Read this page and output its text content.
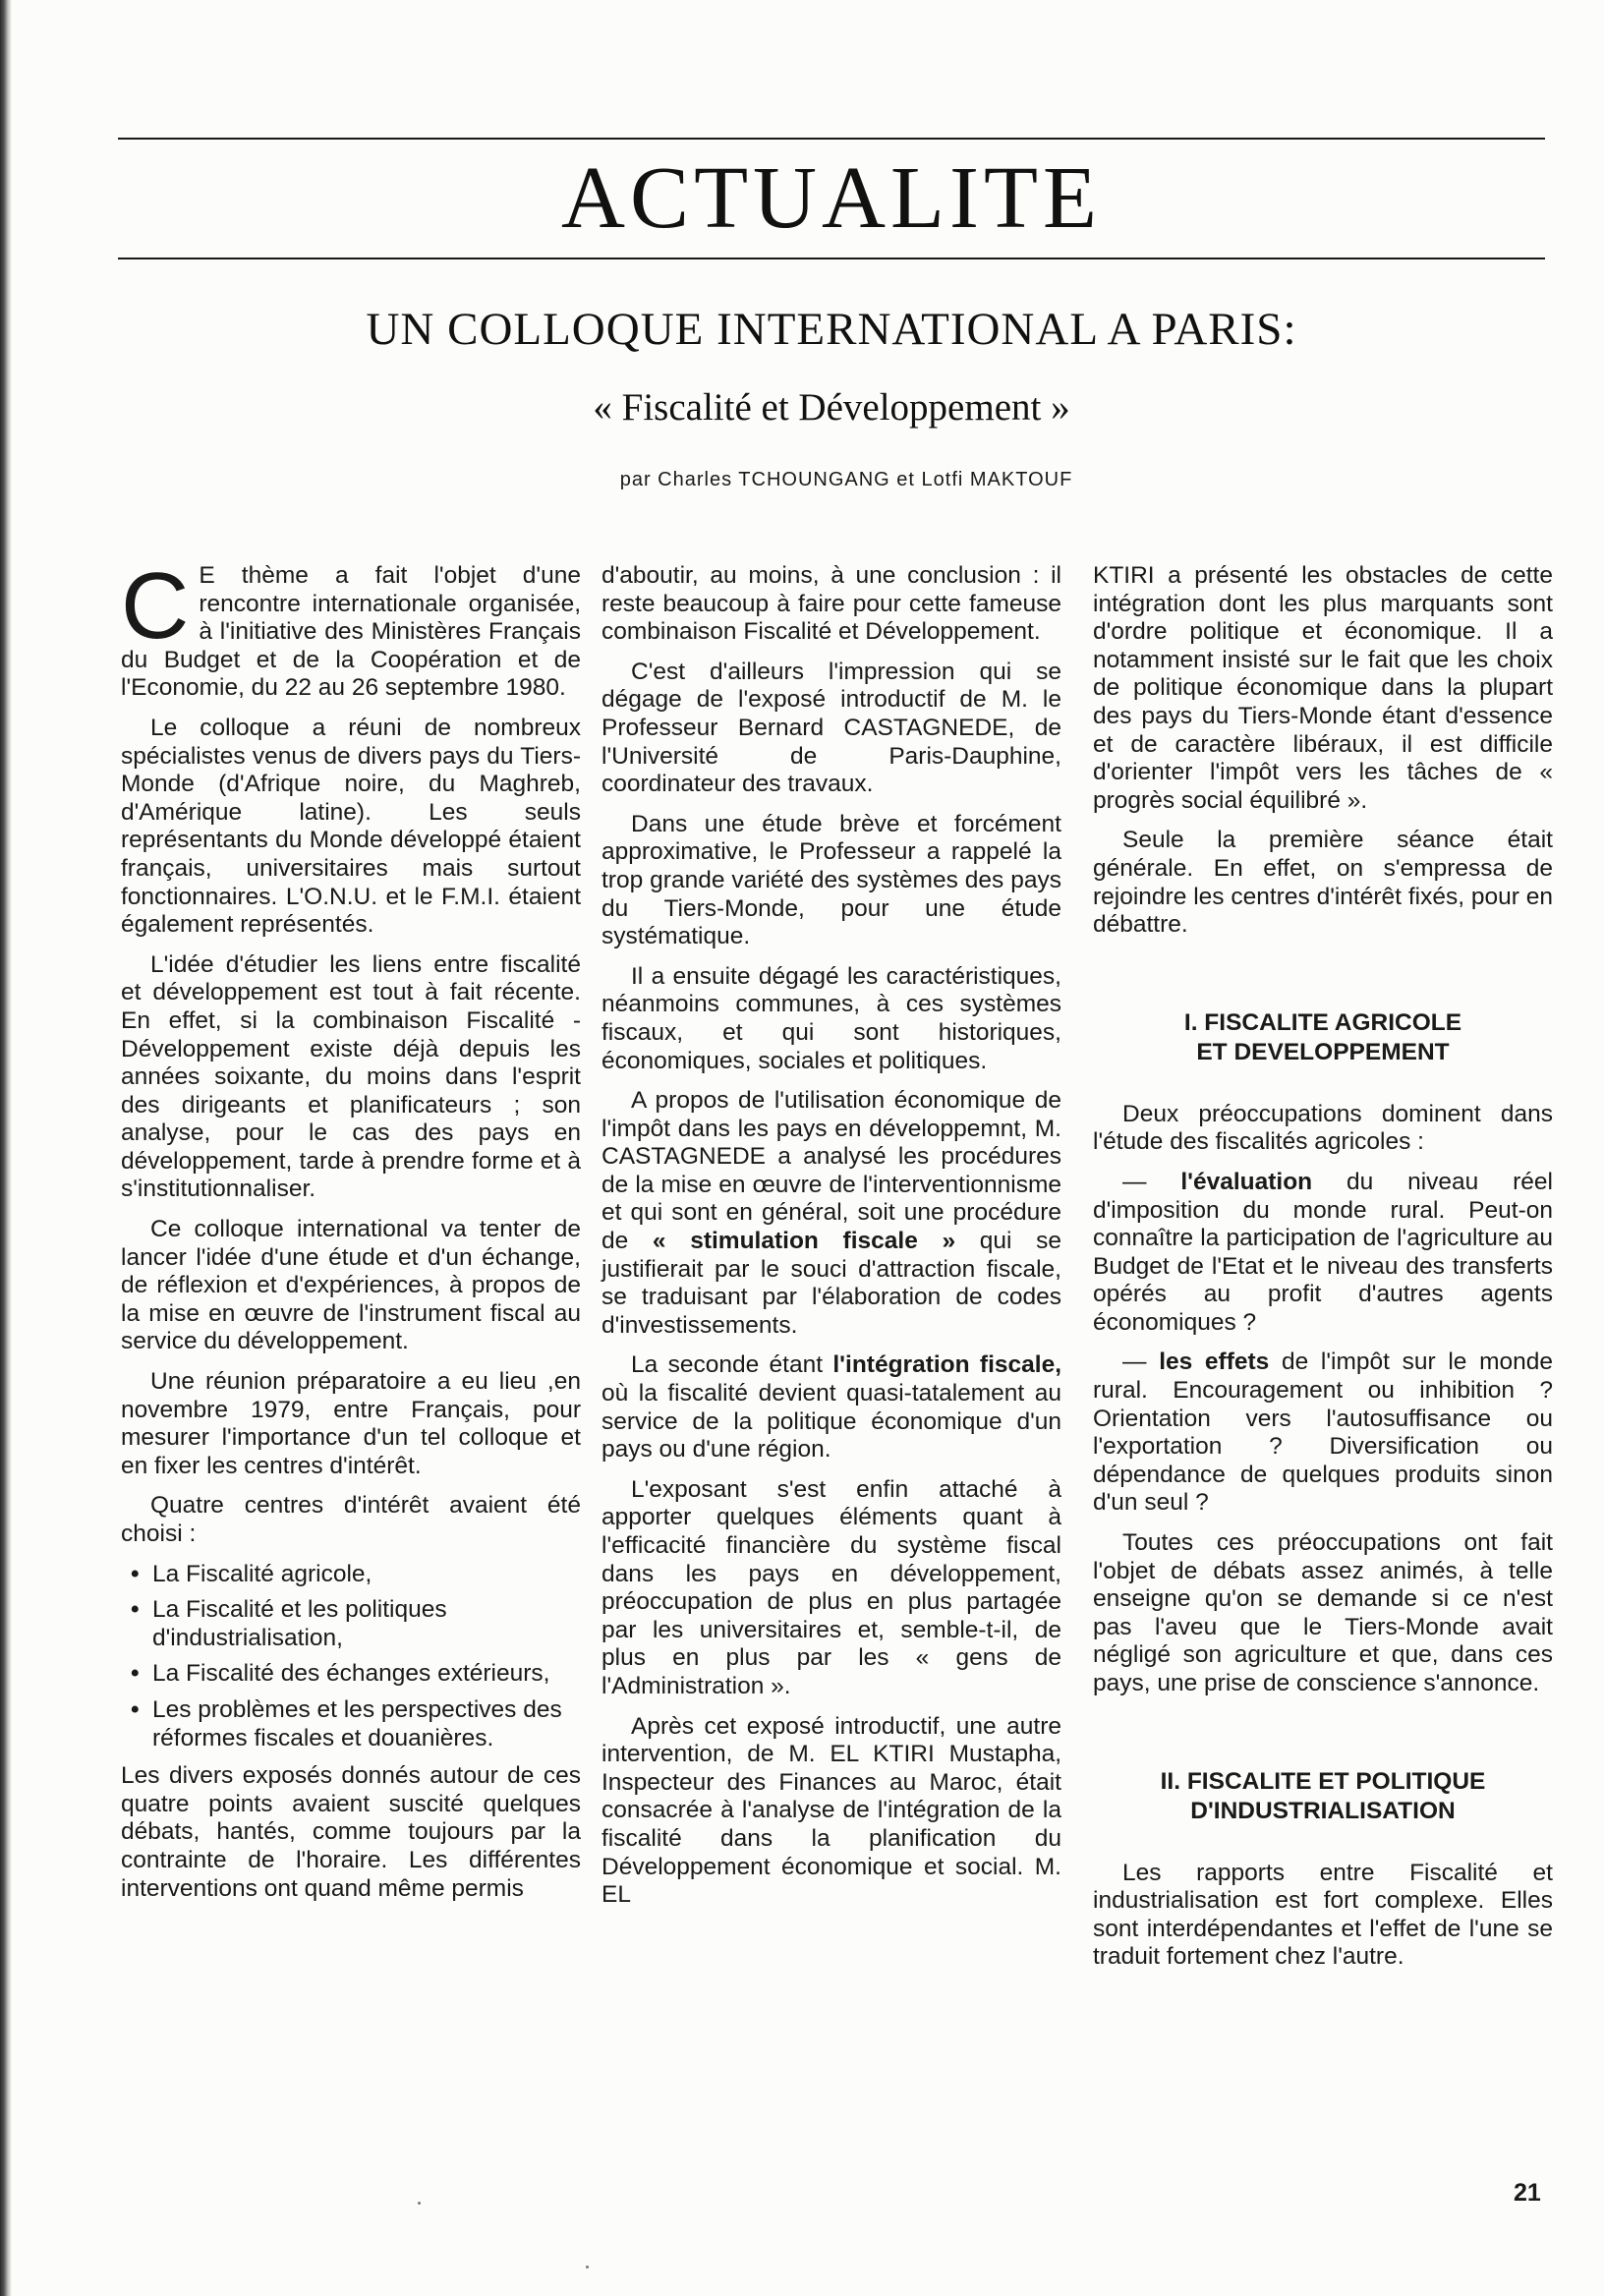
ACTUALITE
UN COLLOQUE INTERNATIONAL A PARIS:
« Fiscalité et Développement »
par Charles TCHOUNGANG et Lotfi MAKTOUF

C E thème a fait l'objet d'une rencontre internationale organisée, à l'initiative des Ministères Français du Budget et de la Coopération et de l'Economie, du 22 au 26 septembre 1980.

Le colloque a réuni de nombreux spécialistes venus de divers pays du Tiers-Monde (d'Afrique noire, du Maghreb, d'Amérique latine). Les seuls représentants du Monde développé étaient français, universitaires mais surtout fonctionnaires. L'O.N.U. et le F.M.I. étaient également représentés.

L'idée d'étudier les liens entre fiscalité et développement est tout à fait récente. En effet, si la combinaison Fiscalité - Développement existe déjà depuis les années soixante, du moins dans l'esprit des dirigeants et planificateurs ; son analyse, pour le cas des pays en développement, tarde à prendre forme et à s'institutionnaliser.

Ce colloque international va tenter de lancer l'idée d'une étude et d'un échange, de réflexion et d'expériences, à propos de la mise en œuvre de l'instrument fiscal au service du développement.

Une réunion préparatoire a eu lieu ,en novembre 1979, entre Français, pour mesurer l'importance d'un tel colloque et en fixer les centres d'intérêt.

Quatre centres d'intérêt avaient été choisi :

• La Fiscalité agricole,
• La Fiscalité et les politiques d'industrialisation,
• La Fiscalité des échanges extérieurs,
• Les problèmes et les perspectives des réformes fiscales et douanières.

Les divers exposés donnés autour de ces quatre points avaient suscité quelques débats, hantés, comme toujours par la contrainte de l'horaire. Les différentes interventions ont quand même permis

d'aboutir, au moins, à une conclusion : il reste beaucoup à faire pour cette fameuse combinaison Fiscalité et Développement.

C'est d'ailleurs l'impression qui se dégage de l'exposé introductif de M. le Professeur Bernard CASTAGNEDE, de l'Université de Paris-Dauphine, coordinateur des travaux.

Dans une étude brève et forcément approximative, le Professeur a rappelé la trop grande variété des systèmes des pays du Tiers-Monde, pour une étude systématique.

Il a ensuite dégagé les caractéristiques, néanmoins communes, à ces systèmes fiscaux, et qui sont historiques, économiques, sociales et politiques.

A propos de l'utilisation économique de l'impôt dans les pays en développemnt, M. CASTAGNEDE a analysé les procédures de la mise en œuvre de l'interventionnisme et qui sont en général, soit une procédure de « stimulation fiscale » qui se justifierait par le souci d'attraction fiscale, se traduisant par l'élaboration de codes d'investissements.

La seconde étant l'intégration fiscale, où la fiscalité devient quasi-tatalement au service de la politique économique d'un pays ou d'une région.

L'exposant s'est enfin attaché à apporter quelques éléments quant à l'efficacité financière du système fiscal dans les pays en développement, préoccupation de plus en plus partagée par les universitaires et, semble-t-il, de plus en plus par les « gens de l'Administration ».

Après cet exposé introductif, une autre intervention, de M. EL KTIRI Mustapha, Inspecteur des Finances au Maroc, était consacrée à l'analyse de l'intégration de la fiscalité dans la planification du Développement économique et social. M. EL

KTIRI a présenté les obstacles de cette intégration dont les plus marquants sont d'ordre politique et économique. Il a notamment insisté sur le fait que les choix de politique économique dans la plupart des pays du Tiers-Monde étant d'essence et de caractère libéraux, il est difficile d'orienter l'impôt vers les tâches de « progrès social équilibré ».

Seule la première séance était générale. En effet, on s'empressa de rejoindre les centres d'intérêt fixés, pour en débattre.

I. FISCALITE AGRICOLE
ET DEVELOPPEMENT

Deux préoccupations dominent dans l'étude des fiscalités agricoles :

— l'évaluation du niveau réel d'imposition du monde rural. Peut-on connaître la participation de l'agriculture au Budget de l'Etat et le niveau des transferts opérés au profit d'autres agents économiques ?

— les effets de l'impôt sur le monde rural. Encouragement ou inhibition ? Orientation vers l'autosuffisance ou l'exportation ? Diversification ou dépendance de quelques produits sinon d'un seul ?

Toutes ces préoccupations ont fait l'objet de débats assez animés, à telle enseigne qu'on se demande si ce n'est pas l'aveu que le Tiers-Monde avait négligé son agriculture et que, dans ces pays, une prise de conscience s'annonce.

II. FISCALITE ET POLITIQUE
D'INDUSTRIALISATION

Les rapports entre Fiscalité et industrialisation est fort complexe. Elles sont interdépendantes et l'effet de l'une se traduit fortement chez l'autre.

21
